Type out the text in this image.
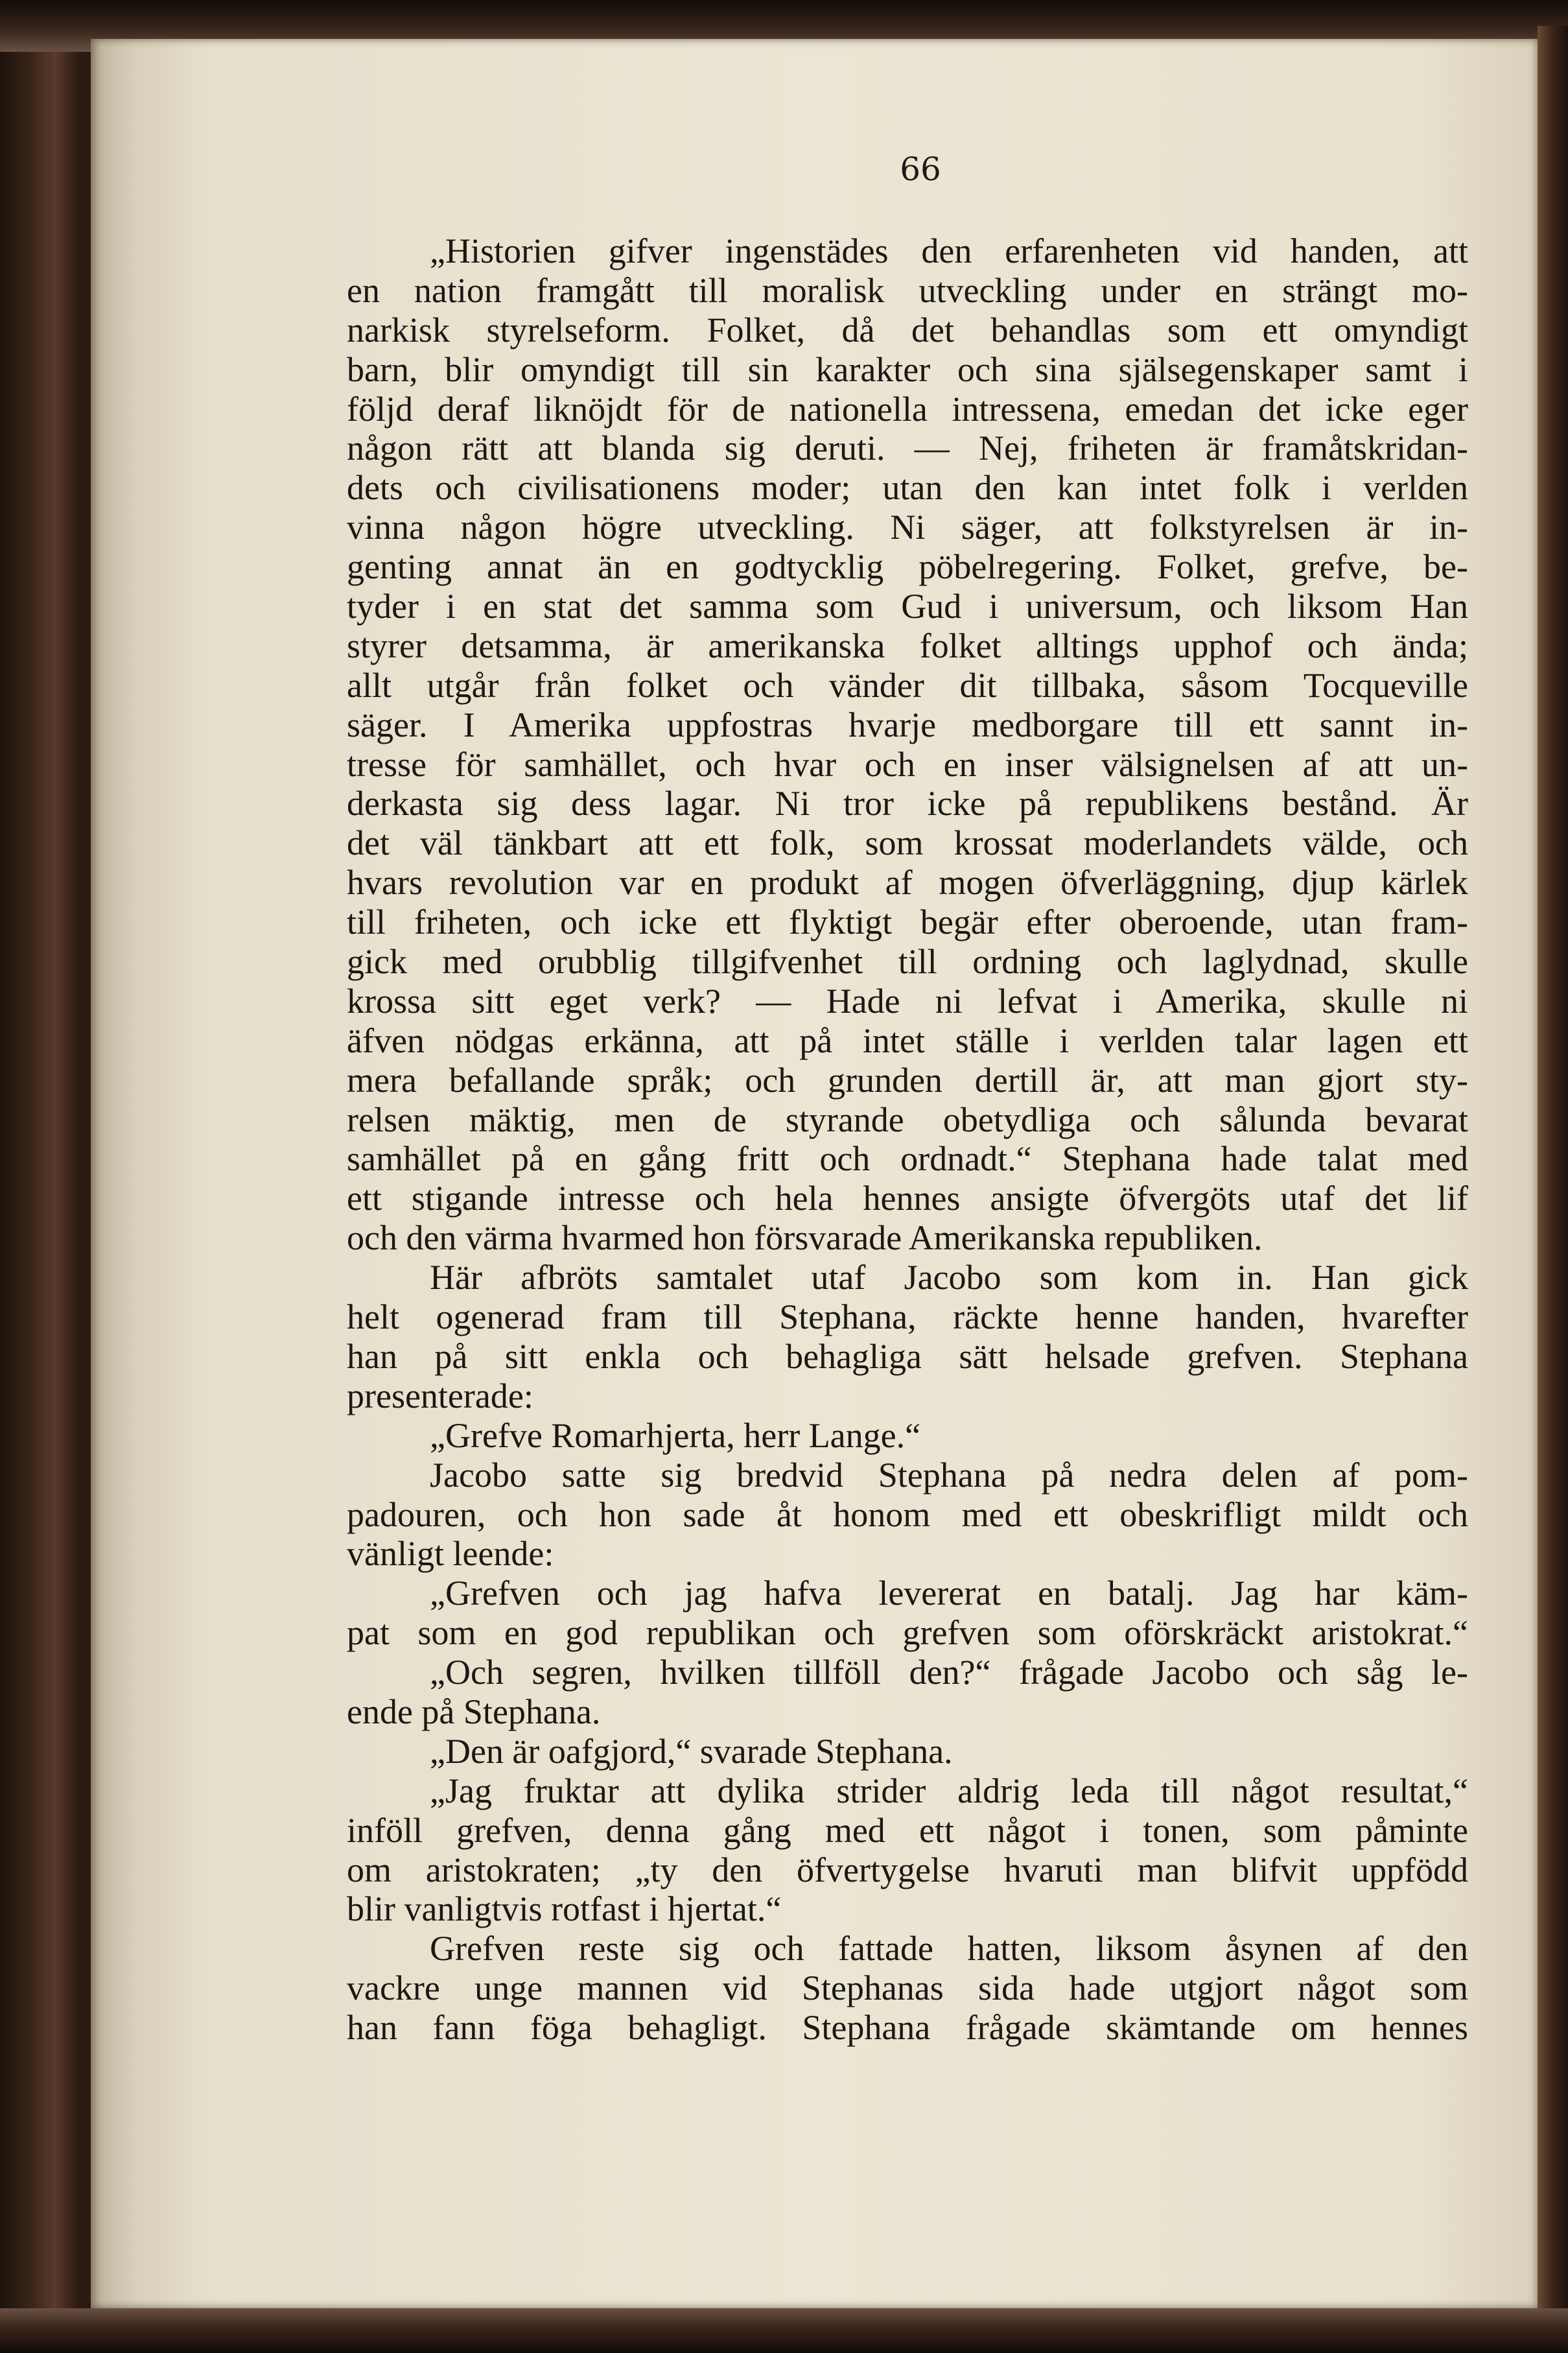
66
„Historien gifver ingenstädes den erfarenheten vid handen, att
en nation framgått till moralisk utveckling under en strängt mo-
narkisk styrelseform. Folket, då det behandlas som ett omyndigt
barn, blir omyndigt till sin karakter och sina själsegenskaper samt i
följd deraf liknöjdt för de nationella intressena, emedan det icke eger
någon rätt att blanda sig deruti. — Nej, friheten är framåtskridan-
dets och civilisationens moder; utan den kan intet folk i verlden
vinna någon högre utveckling. Ni säger, att folkstyrelsen är in-
genting annat än en godtycklig pöbelregering. Folket, grefve, be-
tyder i en stat det samma som Gud i universum, och liksom Han
styrer detsamma, är amerikanska folket alltings upphof och ända;
allt utgår från folket och vänder dit tillbaka, såsom Tocqueville
säger. I Amerika uppfostras hvarje medborgare till ett sannt in-
tresse för samhället, och hvar och en inser välsignelsen af att un-
derkasta sig dess lagar. Ni tror icke på republikens bestånd. Är
det väl tänkbart att ett folk, som krossat moderlandets välde, och
hvars revolution var en produkt af mogen öfverläggning, djup kärlek
till friheten, och icke ett flyktigt begär efter oberoende, utan fram-
gick med orubblig tillgifvenhet till ordning och laglydnad, skulle
krossa sitt eget verk? — Hade ni lefvat i Amerika, skulle ni
äfven nödgas erkänna, att på intet ställe i verlden talar lagen ett
mera befallande språk; och grunden dertill är, att man gjort sty-
relsen mäktig, men de styrande obetydliga och sålunda bevarat
samhället på en gång fritt och ordnadt.“ Stephana hade talat med
ett stigande intresse och hela hennes ansigte öfvergöts utaf det lif
och den värma hvarmed hon försvarade Amerikanska republiken.
Här afbröts samtalet utaf Jacobo som kom in. Han gick
helt ogenerad fram till Stephana, räckte henne handen, hvarefter
han på sitt enkla och behagliga sätt helsade grefven. Stephana
presenterade:
„Grefve Romarhjerta, herr Lange.“
Jacobo satte sig bredvid Stephana på nedra delen af pom-
padouren, och hon sade åt honom med ett obeskrifligt mildt och
vänligt leende:
„Grefven och jag hafva levererat en batalj. Jag har käm-
pat som en god republikan och grefven som oförskräckt aristokrat.“
„Och segren, hvilken tillföll den?“ frågade Jacobo och såg le-
ende på Stephana.
„Den är oafgjord,“ svarade Stephana.
„Jag fruktar att dylika strider aldrig leda till något resultat,“
inföll grefven, denna gång med ett något i tonen, som påminte
om aristokraten; „ty den öfvertygelse hvaruti man blifvit uppfödd
blir vanligtvis rotfast i hjertat.“
Grefven reste sig och fattade hatten, liksom åsynen af den
vackre unge mannen vid Stephanas sida hade utgjort något som
han fann föga behagligt. Stephana frågade skämtande om hennes
